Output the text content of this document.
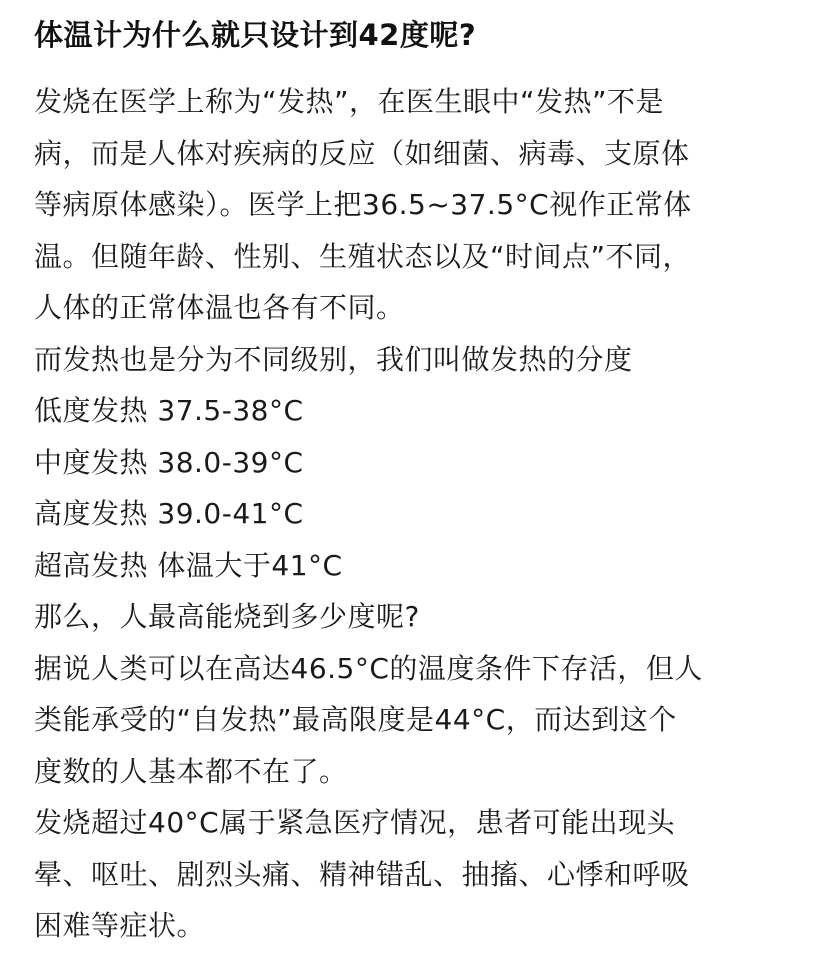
体温计为什么就只设计到42度呢?
发烧在医学上称为“发热”，在医生眼中“发热”不是
病，而是人体对疾病的反应（如细菌、病毒、支原体
等病原体感染）。医学上把36.5~37.5°C视作正常体
温。但随年龄、性别、生殖状态以及“时间点”不同，
人体的正常体温也各有不同。
而发热也是分为不同级别，我们叫做发热的分度
低度发热 37.5-38°C
中度发热 38.0-39°C
高度发热 39.0-41°C
超高发热 体温大于41°C
那么，人最高能烧到多少度呢?
据说人类可以在高达46.5°C的温度条件下存活，但人
类能承受的“自发热”最高限度是44°C，而达到这个
度数的人基本都不在了。
发烧超过40°C属于紧急医疗情况，患者可能出现头
晕、呕吐、剧烈头痛、精神错乱、抽搐、心悸和呼吸
困难等症状。
